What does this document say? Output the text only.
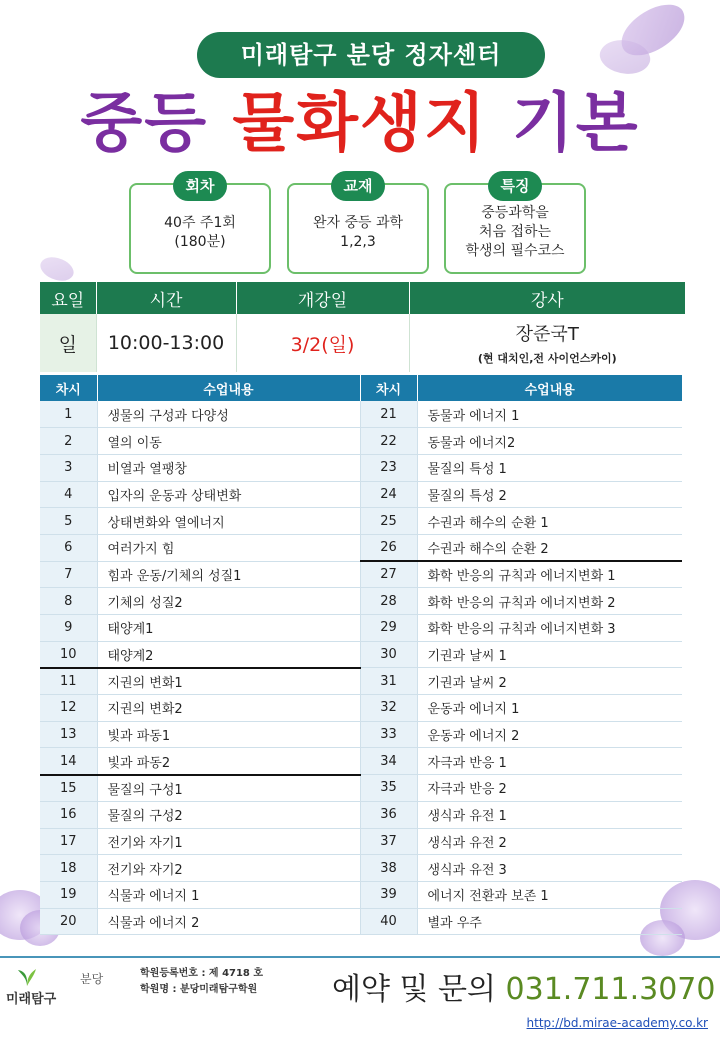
미래탐구 분당 정자센터
중등 물화생지 기본
회차
40주 주1회
(180분)
교재
완자 중등 과학
1,2,3
특징
중등과학을
처음 접하는
학생의 필수코스
요일	시간	개강일	강사
일	10:00-13:00	3/2(일)	장준국T
(현 대치인,전 사이언스카이)
차시	수업내용	차시	수업내용
1	생물의 구성과 다양성	21	동물과 에너지 1
2	열의 이동	22	동물과 에너지2
3	비열과 열팽창	23	물질의 특성 1
4	입자의 운동과 상태변화	24	물질의 특성 2
5	상태변화와 열에너지	25	수권과 해수의 순환 1
6	여러가지 힘	26	수권과 해수의 순환 2
7	힘과 운동/기체의 성질1	27	화학 반응의 규칙과 에너지변화 1
8	기체의 성질2	28	화학 반응의 규칙과 에너지변화 2
9	태양계1	29	화학 반응의 규칙과 에너지변화 3
10	태양계2	30	기권과 날씨 1
11	지권의 변화1	31	기권과 날씨 2
12	지권의 변화2	32	운동과 에너지 1
13	빛과 파동1	33	운동과 에너지 2
14	빛과 파동2	34	자극과 반응 1
15	물질의 구성1	35	자극과 반응 2
16	물질의 구성2	36	생식과 유전 1
17	전기와 자기1	37	생식과 유전 2
18	전기와 자기2	38	생식과 유전 3
19	식물과 에너지 1	39	에너지 전환과 보존 1
20	식물과 에너지 2	40	별과 우주
미래탐구
분당	학원등록번호 : 제 4718 호
학원명 : 분당미래탐구학원 예약 및 문의 031.711.3070
http://bd.mirae-academy.co.kr
